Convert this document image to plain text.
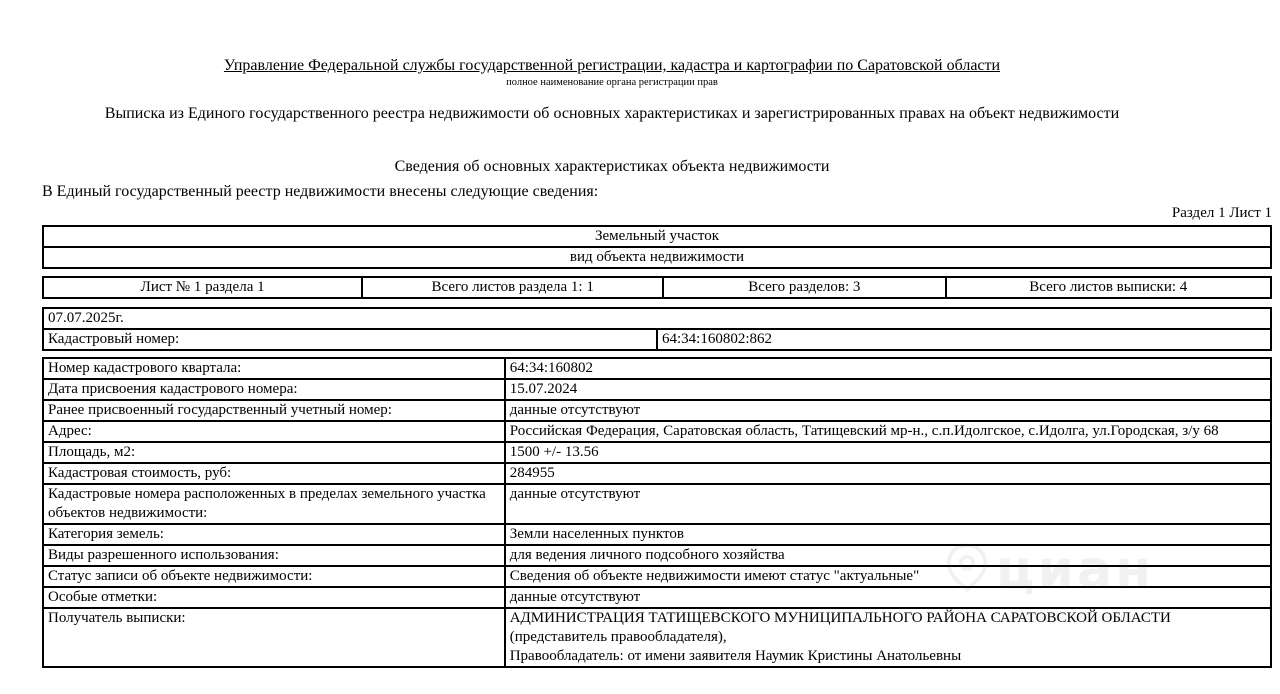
Управление Федеральной службы государственной регистрации, кадастра и картографии по Саратовской области
полное наименование органа регистрации прав
Выписка из Единого государственного реестра недвижимости об основных характеристиках и зарегистрированных правах на объект недвижимости
Сведения об основных характеристиках объекта недвижимости
В Единый государственный реестр недвижимости внесены следующие сведения:
Раздел 1 Лист 1
Земельный участок
вид объекта недвижимости
Лист № 1 раздела 1	Всего листов раздела 1: 1	Всего разделов: 3	Всего листов выписки: 4
07.07.2025г.
Кадастровый номер:	64:34:160802:862
Номер кадастрового квартала:	64:34:160802
Дата присвоения кадастрового номера:	15.07.2024
Ранее присвоенный государственный учетный номер:	данные отсутствуют
Адрес:	Российская Федерация, Саратовская область, Татищевский мр-н., с.п.Идолгское, с.Идолга, ул.Городская, з/у 68
Площадь, м2:	1500 +/- 13.56
Кадастровая стоимость, руб:	284955
Кадастровые номера расположенных в пределах земельного участка объектов недвижимости:	данные отсутствуют
Категория земель:	Земли населенных пунктов
Виды разрешенного использования:	для ведения личного подсобного хозяйства
Статус записи об объекте недвижимости:	Сведения об объекте недвижимости имеют статус "актуальные"
Особые отметки:	данные отсутствуют
Получатель выписки:	АДМИНИСТРАЦИЯ ТАТИЩЕВСКОГО МУНИЦИПАЛЬНОГО РАЙОНА САРАТОВСКОЙ ОБЛАСТИ (представитель правообладателя),
Правообладатель: от имени заявителя Наумик Кристины Анатольевны
циан
